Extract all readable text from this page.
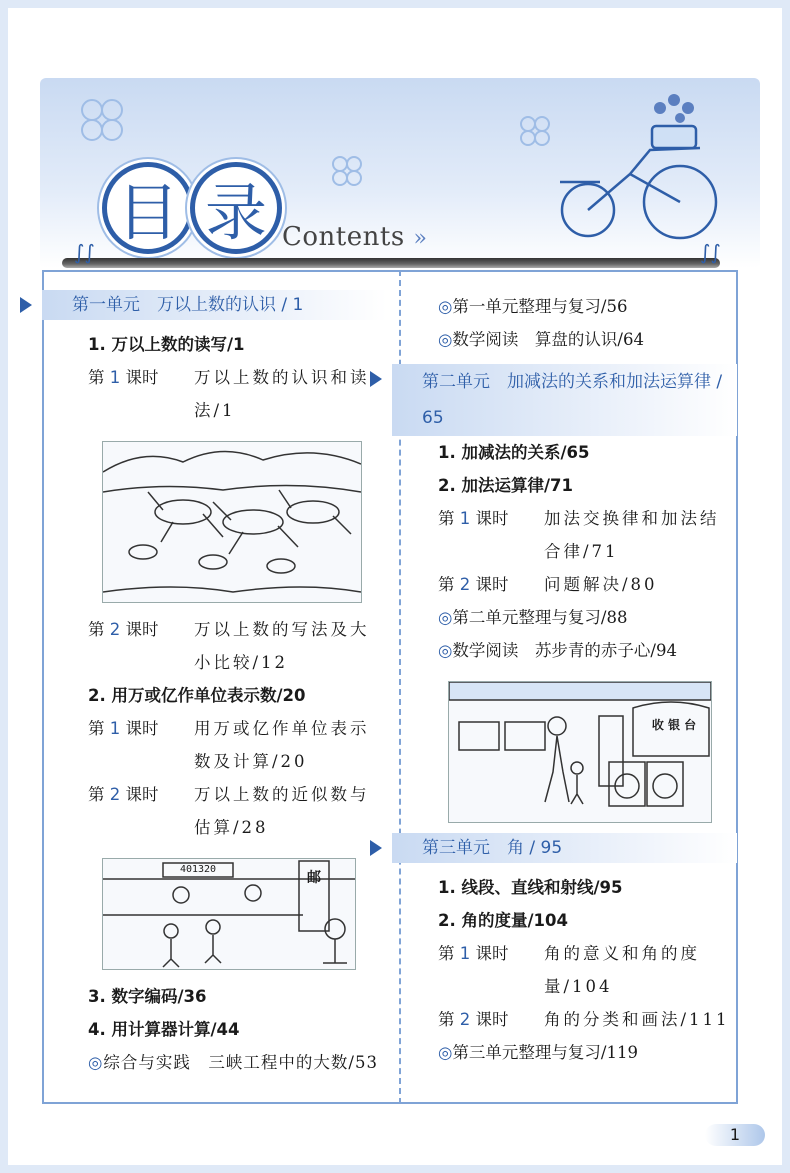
目 录 Contents »
∫∫	∫∫
第一单元　万以上数的认识 / 1
1. 万以上数的读写/1
第 1 课时	万以上数的认识和读法/1
第 2 课时	万以上数的写法及大小比较/12
2. 用万或亿作单位表示数/20
第 1 课时	用万或亿作单位表示数及计算/20
第 2 课时	万以上数的近似数与估算/28
401320
邮
3. 数字编码/36
4. 用计算器计算/44
◎综合与实践　三峡工程中的大数/53
◎第一单元整理与复习/56
◎数学阅读　算盘的认识/64
第二单元　加减法的关系和加法运算律 / 65
1. 加减法的关系/65
2. 加法运算律/71
第 1 课时	加法交换律和加法结合律/71
第 2 课时	问题解决/80
◎第二单元整理与复习/88
◎数学阅读　苏步青的赤子心/94
收 银 台
第三单元　角 / 95
1. 线段、直线和射线/95
2. 角的度量/104
第 1 课时	角的意义和角的度量/104
第 2 课时	角的分类和画法/111
◎第三单元整理与复习/119
1
